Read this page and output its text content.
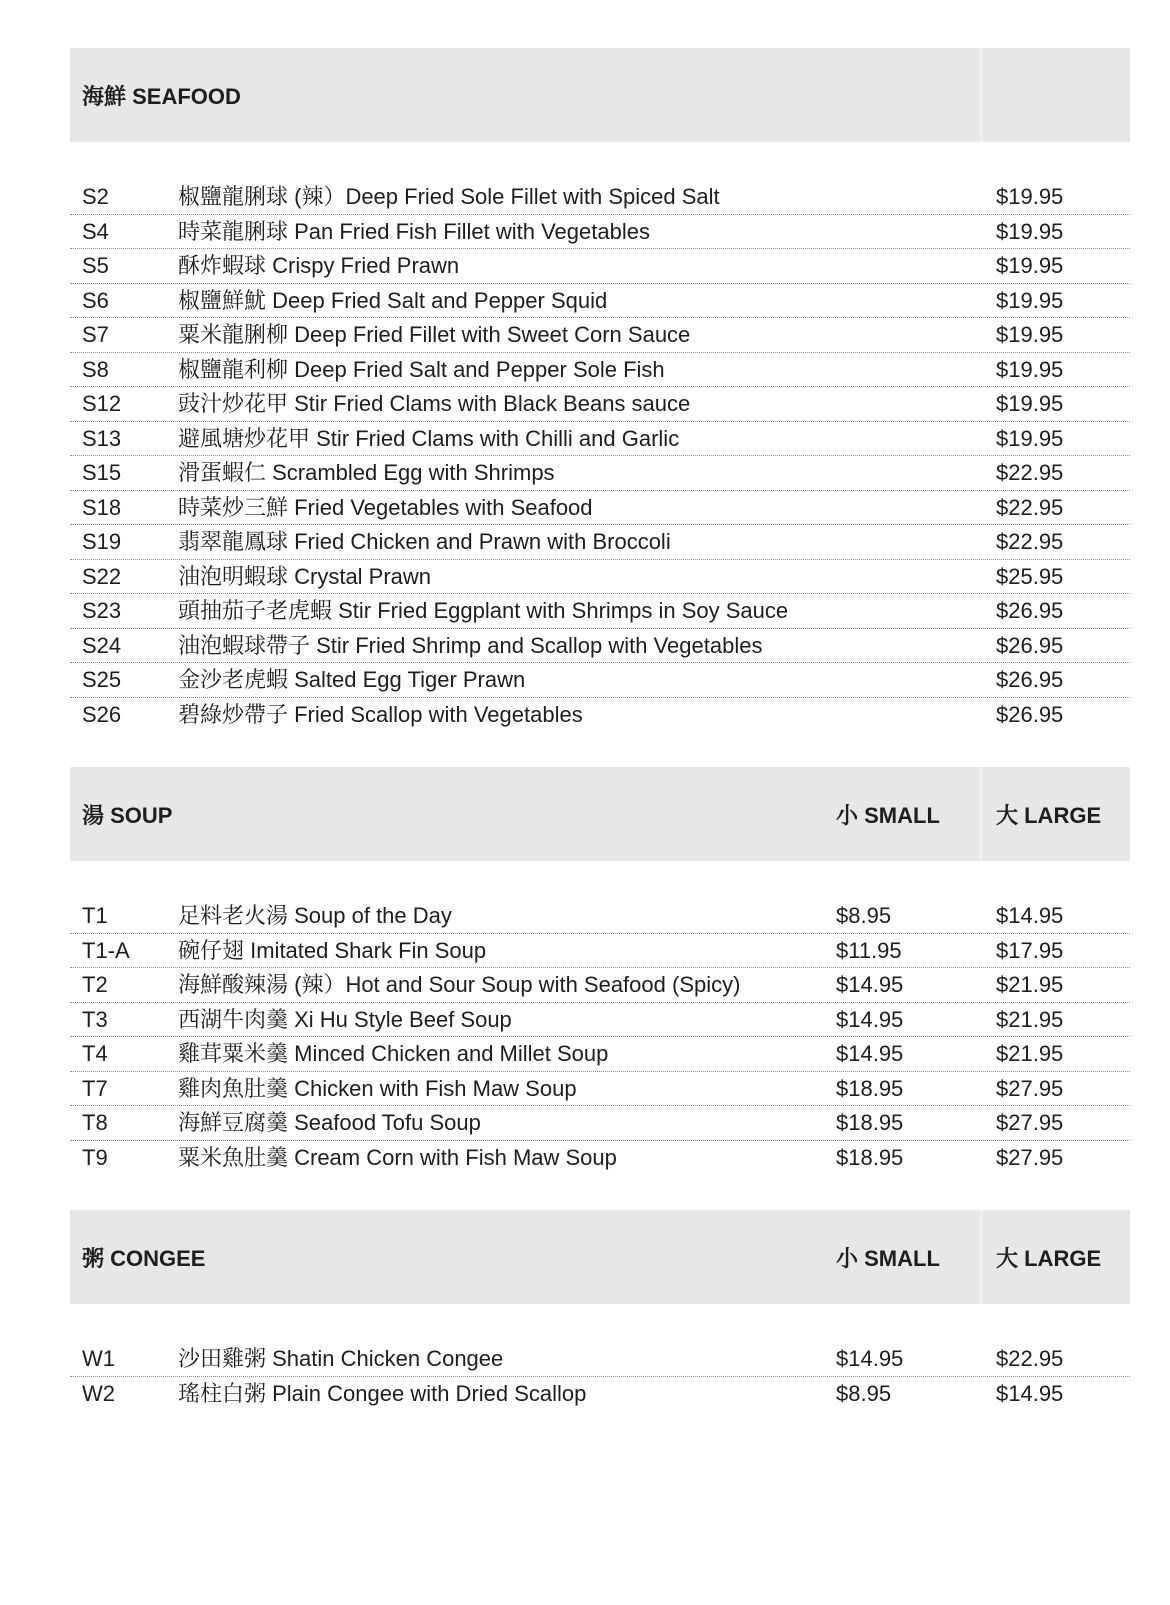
海鮮 SEAFOOD
S2	椒鹽龍脷球 (辣）Deep Fried Sole Fillet with Spiced Salt	$19.95
S4	時菜龍脷球 Pan Fried Fish Fillet with Vegetables	$19.95
S5	酥炸蝦球 Crispy Fried Prawn	$19.95
S6	椒鹽鮮魷 Deep Fried Salt and Pepper Squid	$19.95
S7	粟米龍脷柳 Deep Fried Fillet with Sweet Corn Sauce	$19.95
S8	椒鹽龍利柳 Deep Fried Salt and Pepper Sole Fish	$19.95
S12	豉汁炒花甲 Stir Fried Clams with Black Beans sauce	$19.95
S13	避風塘炒花甲 Stir Fried Clams with Chilli and Garlic	$19.95
S15	滑蛋蝦仁 Scrambled Egg with Shrimps	$22.95
S18	時菜炒三鮮 Fried Vegetables with Seafood	$22.95
S19	翡翠龍鳳球 Fried Chicken and Prawn with Broccoli	$22.95
S22	油泡明蝦球 Crystal Prawn	$25.95
S23	頭抽茄子老虎蝦 Stir Fried Eggplant with Shrimps in Soy Sauce	$26.95
S24	油泡蝦球帶子 Stir Fried Shrimp and Scallop with Vegetables	$26.95
S25	金沙老虎蝦 Salted Egg Tiger Prawn	$26.95
S26	碧綠炒帶子 Fried Scallop with Vegetables	$26.95
湯 SOUP	小 SMALL	大 LARGE
T1	足料老火湯 Soup of the Day	$8.95	$14.95
T1-A 碗仔翅 Imitated Shark Fin Soup	$11.95	$17.95
T2	海鮮酸辣湯 (辣）Hot and Sour Soup with Seafood (Spicy)	$14.95	$21.95
T3	西湖牛肉羹 Xi Hu Style Beef Soup	$14.95	$21.95
T4	雞茸粟米羹 Minced Chicken and Millet Soup	$14.95	$21.95
T7	雞肉魚肚羹 Chicken with Fish Maw Soup	$18.95	$27.95
T8	海鮮豆腐羹 Seafood Tofu Soup	$18.95	$27.95
T9	粟米魚肚羹 Cream Corn with Fish Maw Soup	$18.95	$27.95
粥 CONGEE	小 SMALL	大 LARGE
W1	沙田雞粥 Shatin Chicken Congee	$14.95	$22.95
W2	瑤柱白粥 Plain Congee with Dried Scallop	$8.95	$14.95
